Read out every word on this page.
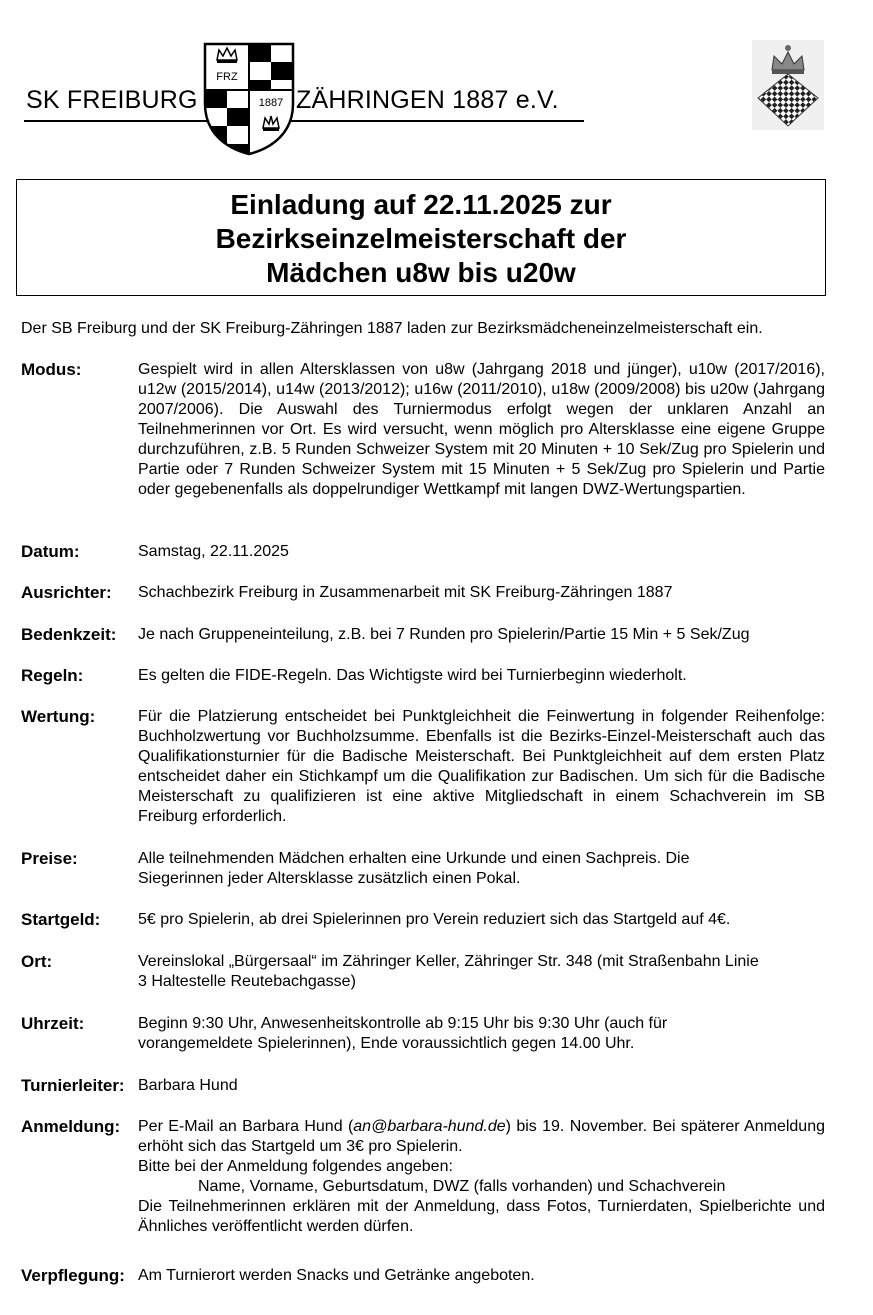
SK FREIBURG	ZÄHRINGEN 1887 e.V.
FRZ
1887
Einladung auf 22.11.2025 zur
Bezirkseinzelmeisterschaft der
Mädchen u8w bis u20w
Der SB Freiburg und der SK Freiburg-Zähringen 1887 laden zur Bezirksmädcheneinzelmeisterschaft ein.
Modus:	Gespielt wird in allen Altersklassen von u8w (Jahrgang 2018 und jünger), u10w (2017/2016), u12w (2015/2014), u14w (2013/2012); u16w (2011/2010), u18w (2009/2008) bis u20w (Jahrgang 2007/2006). Die Auswahl des Turniermodus erfolgt wegen der unklaren Anzahl an Teilnehmerinnen vor Ort. Es wird versucht, wenn möglich pro Altersklasse eine eigene Gruppe durchzuführen, z.B. 5 Runden Schweizer System mit 20 Minuten + 10 Sek/Zug pro Spielerin und Partie oder 7 Runden Schweizer System mit 15 Minuten + 5 Sek/Zug pro Spielerin und Partie oder gegebenenfalls als doppelrundiger Wettkampf mit langen DWZ-Wertungspartien.
Datum:	Samstag, 22.11.2025
Ausrichter: Schachbezirk Freiburg in Zusammenarbeit mit SK Freiburg-Zähringen 1887
Bedenkzeit: Je nach Gruppeneinteilung, z.B. bei 7 Runden pro Spielerin/Partie 15 Min + 5 Sek/Zug
Regeln:	Es gelten die FIDE-Regeln. Das Wichtigste wird bei Turnierbeginn wiederholt.
Wertung:	Für die Platzierung entscheidet bei Punktgleichheit die Feinwertung in folgender Reihenfolge: Buchholzwertung vor Buchholzsumme. Ebenfalls ist die Bezirks-Einzel-Meisterschaft auch das Qualifikationsturnier für die Badische Meisterschaft. Bei Punktgleichheit auf dem ersten Platz entscheidet daher ein Stichkampf um die Qualifikation zur Badischen. Um sich für die Badische Meisterschaft zu qualifizieren ist eine aktive Mitgliedschaft in einem Schachverein im SB Freiburg erforderlich.
Preise:	Alle teilnehmenden Mädchen erhalten eine Urkunde und einen Sachpreis. Die

Siegerinnen jeder Altersklasse zusätzlich einen Pokal.

Startgeld: 5€ pro Spielerin, ab drei Spielerinnen pro Verein reduziert sich das Startgeld auf 4€.
Ort:	Vereinslokal „Bürgersaal“ im Zähringer Keller, Zähringer Str. 348 (mit Straßenbahn Linie

3 Haltestelle Reutebachgasse)

Uhrzeit:	Beginn 9:30 Uhr, Anwesenheitskontrolle ab 9:15 Uhr bis 9:30 Uhr (auch für

vorangemeldete Spielerinnen), Ende voraussichtlich gegen 14.00 Uhr.

Turnierleiter: Barbara Hund
Anmeldung: Per E-Mail an Barbara Hund (an@barbara-hund.de) bis 19. November. Bei späterer Anmeldung erhöht sich das Startgeld um 3€ pro Spielerin.

Bitte bei der Anmeldung folgendes angeben:

Name, Vorname, Geburtsdatum, DWZ (falls vorhanden) und Schachverein

Die Teilnehmerinnen erklären mit der Anmeldung, dass Fotos, Turnierdaten, Spielberichte und Ähnliches veröffentlicht werden dürfen.

Verpflegung: Am Turnierort werden Snacks und Getränke angeboten.
